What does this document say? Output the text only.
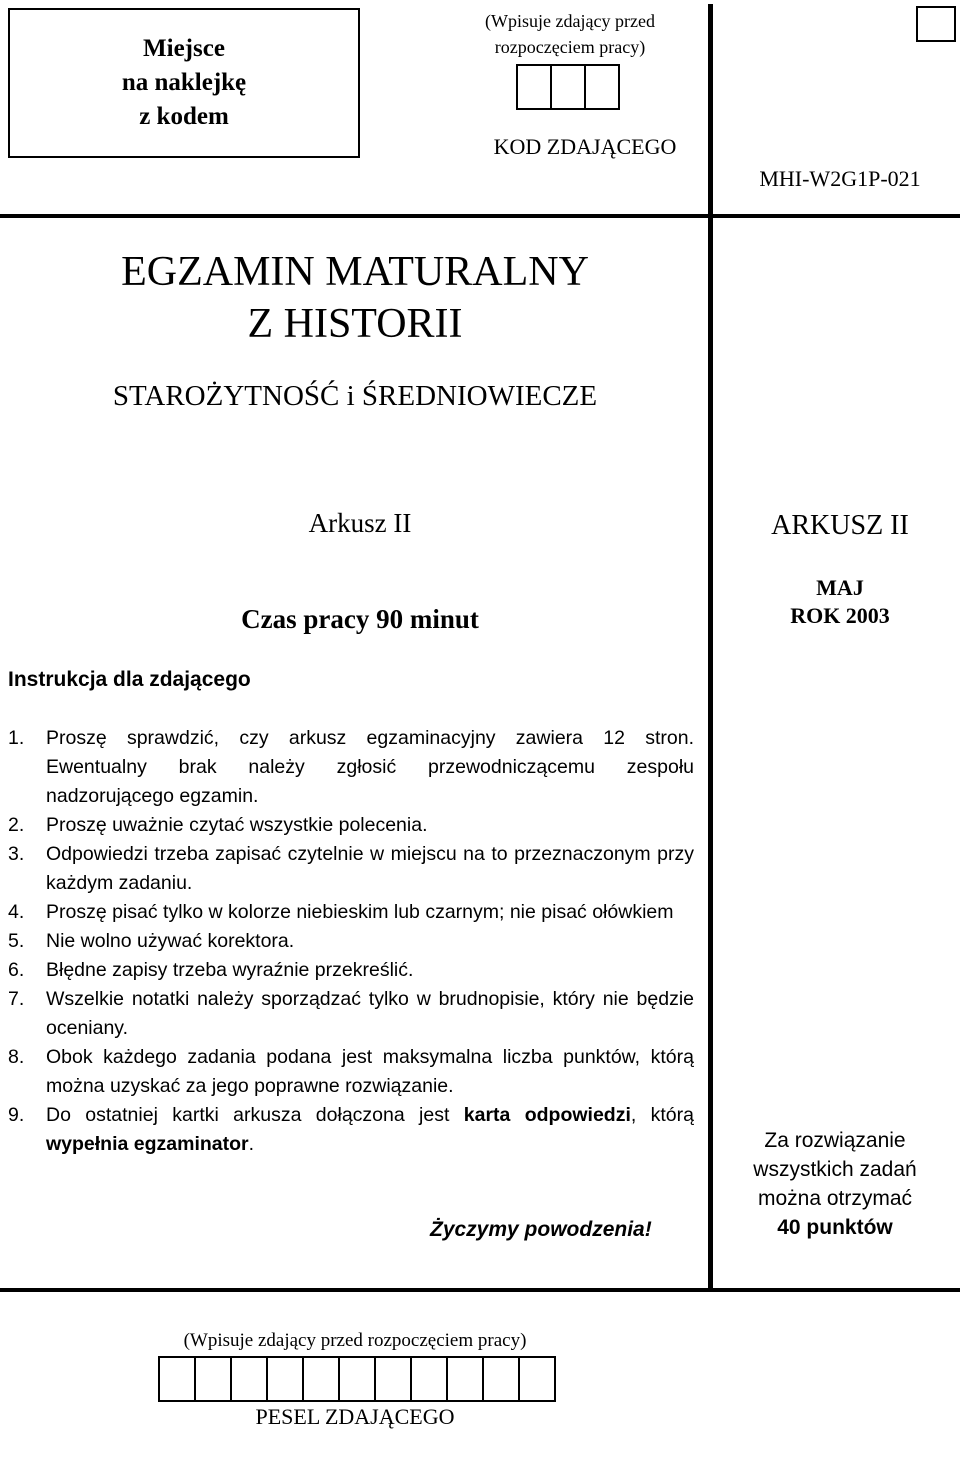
Miejsce
na naklejkę
z kodem
(Wpisuje zdający przed rozpoczęciem pracy)
KOD ZDAJĄCEGO
MHI-W2G1P-021
EGZAMIN MATURALNY
Z HISTORII
STAROŻYTNOŚĆ i ŚREDNIOWIECZE
Arkusz II
Czas pracy 90 minut
ARKUSZ II
MAJ
ROK 2003
Instrukcja dla zdającego
1.	Proszę sprawdzić, czy arkusz egzaminacyjny zawiera 12 stron. Ewentualny brak należy zgłosić przewodniczącemu zespołu nadzorującego egzamin.
2.	Proszę uważnie czytać wszystkie polecenia.
3.	Odpowiedzi trzeba zapisać czytelnie w miejscu na to przeznaczonym przy każdym zadaniu.
4.	Proszę pisać tylko w kolorze niebieskim lub czarnym; nie pisać ołówkiem
5.	Nie wolno używać korektora.
6.	Błędne zapisy trzeba wyraźnie przekreślić.
7.	Wszelkie notatki należy sporządzać tylko w brudnopisie, który nie będzie oceniany.
8.	Obok każdego zadania podana jest maksymalna liczba punktów, którą można uzyskać za jego poprawne rozwiązanie.
9.	Do ostatniej kartki arkusza dołączona jest karta odpowiedzi, którą wypełnia egzaminator.
Życzymy powodzenia!
Za rozwiązanie
wszystkich zadań
można otrzymać
40 punktów
(Wpisuje zdający przed rozpoczęciem pracy)
PESEL ZDAJĄCEGO
